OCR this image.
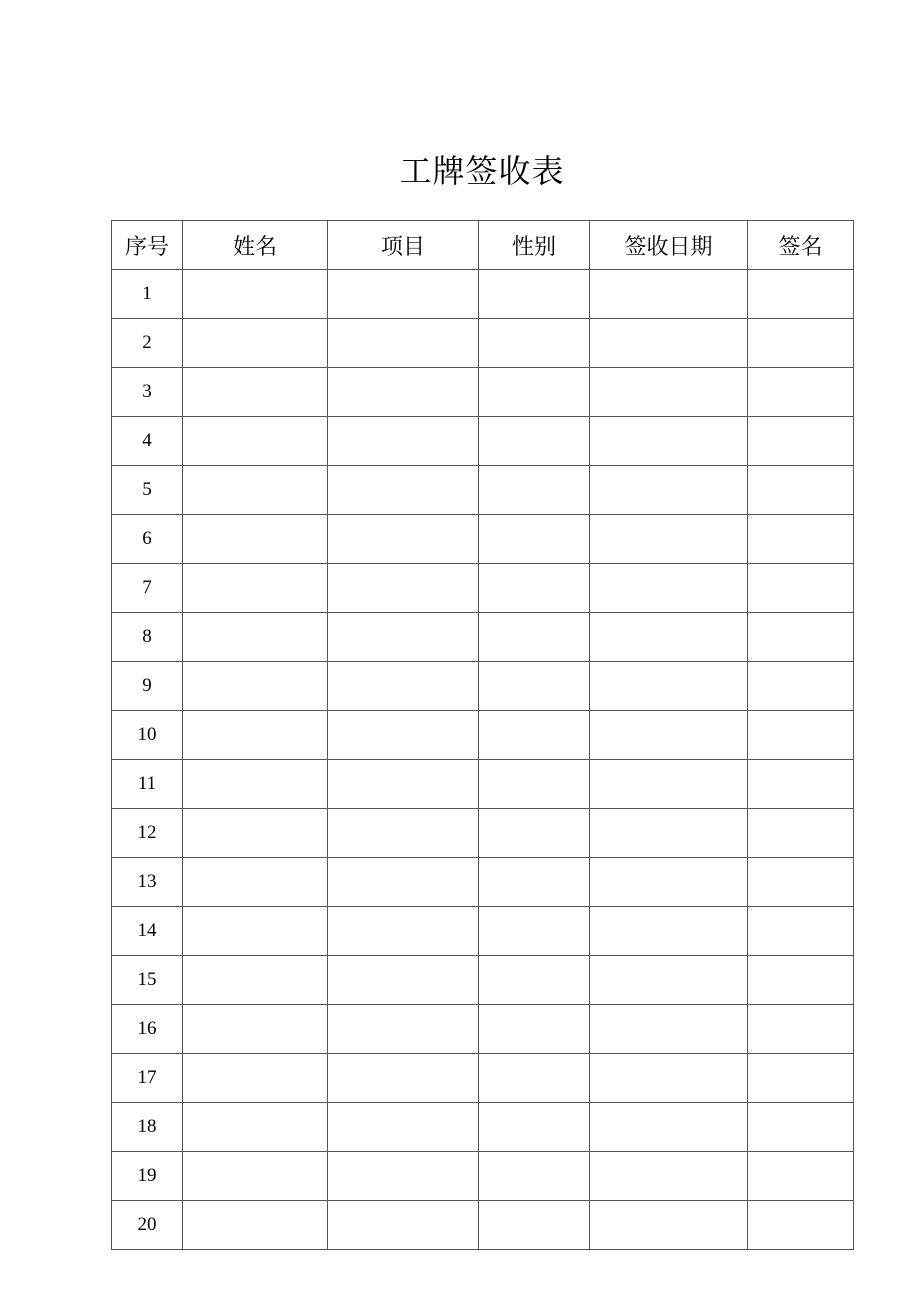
工牌签收表
序号	姓名	项目	性别	签收日期	签名
1					
2					
3					
4					
5					
6					
7					
8					
9					
10					
11					
12					
13					
14					
15					
16					
17					
18					
19					
20					
